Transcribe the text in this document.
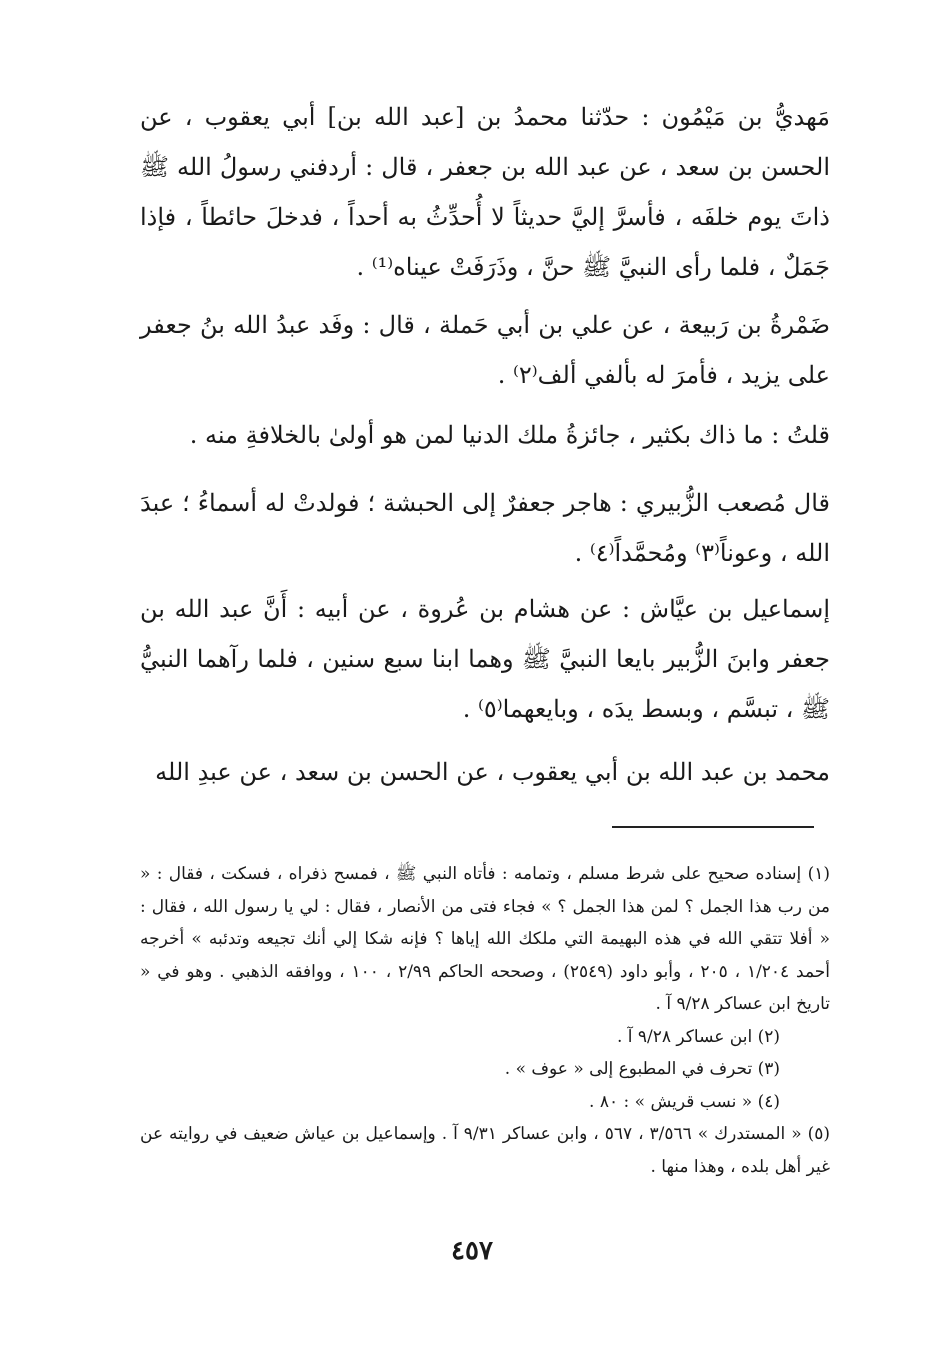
مَهديُّ بن مَيْمُون : حدّثنا محمدُ بن [عبد الله بن] أبي يعقوب ، عن الحسن بن سعد ، عن عبد الله بن جعفر ، قال : أردفني رسولُ الله ﷺ ذاتَ يوم خلفَه ، فأسرَّ إليَّ حديثاً لا أُحدِّثُ به أحداً ، فدخلَ حائطاً ، فإذا جَمَلٌ ، فلما رأى النبيَّ ﷺ حنَّ ، وذَرَفَتْ عيناه⁽¹⁾ .

ضَمْرةُ بن رَبيعة ، عن علي بن أبي حَملة ، قال : وفَد عبدُ الله بنُ جعفر على يزيد ، فأمرَ له بألفي ألف⁽٢⁾ .

قلتُ : ما ذاك بكثير ، جائزةُ ملك الدنيا لمن هو أولىٰ بالخلافةِ منه .

قال مُصعب الزُّبيري : هاجر جعفرٌ إلى الحبشة ؛ فولدتْ له أسماءُ ؛ عبدَ الله ، وعوناً⁽٣⁾ ومُحمَّداً⁽٤⁾ .

إسماعيل بن عيَّاش : عن هشام بن عُروة ، عن أبيه : أَنَّ عبد الله بن جعفر وابنَ الزُّبير بايعا النبيَّ ﷺ وهما ابنا سبع سنين ، فلما رآهما النبيُّ ﷺ ، تبسَّم ، وبسط يدَه ، وبايعهما⁽٥⁾ .

محمد بن عبد الله بن أبي يعقوب ، عن الحسن بن سعد ، عن عبدِ الله

(١) إسناده صحيح على شرط مسلم ، وتمامه : فأتاه النبي ﷺ ، فمسح ذفراه ، فسكت ، فقال : « من رب هذا الجمل ؟ لمن هذا الجمل ؟ » فجاء فتى من الأنصار ، فقال : لي يا رسول الله ، فقال : « أفلا تتقي الله في هذه البهيمة التي ملكك الله إياها ؟ فإنه شكا إلي أنك تجيعه وتدئبه » أخرجه أحمد ١/٢٠٤ ، ٢٠٥ ، وأبو داود (٢٥٤٩) ، وصححه الحاكم ٢/٩٩ ، ١٠٠ ، ووافقه الذهبي . وهو في « تاريخ ابن عساكر ٩/٢٨ آ .

(٢) ابن عساكر ٩/٢٨ آ .

(٣) تحرف في المطبوع إلى « عوف » .

(٤) « نسب قريش » : ٨٠ .

(٥) « المستدرك » ٣/٥٦٦ ، ٥٦٧ ، وابن عساكر ٩/٣١ آ . وإسماعيل بن عياش ضعيف في روايته عن غير أهل بلده ، وهذا منها .

٤٥٧
